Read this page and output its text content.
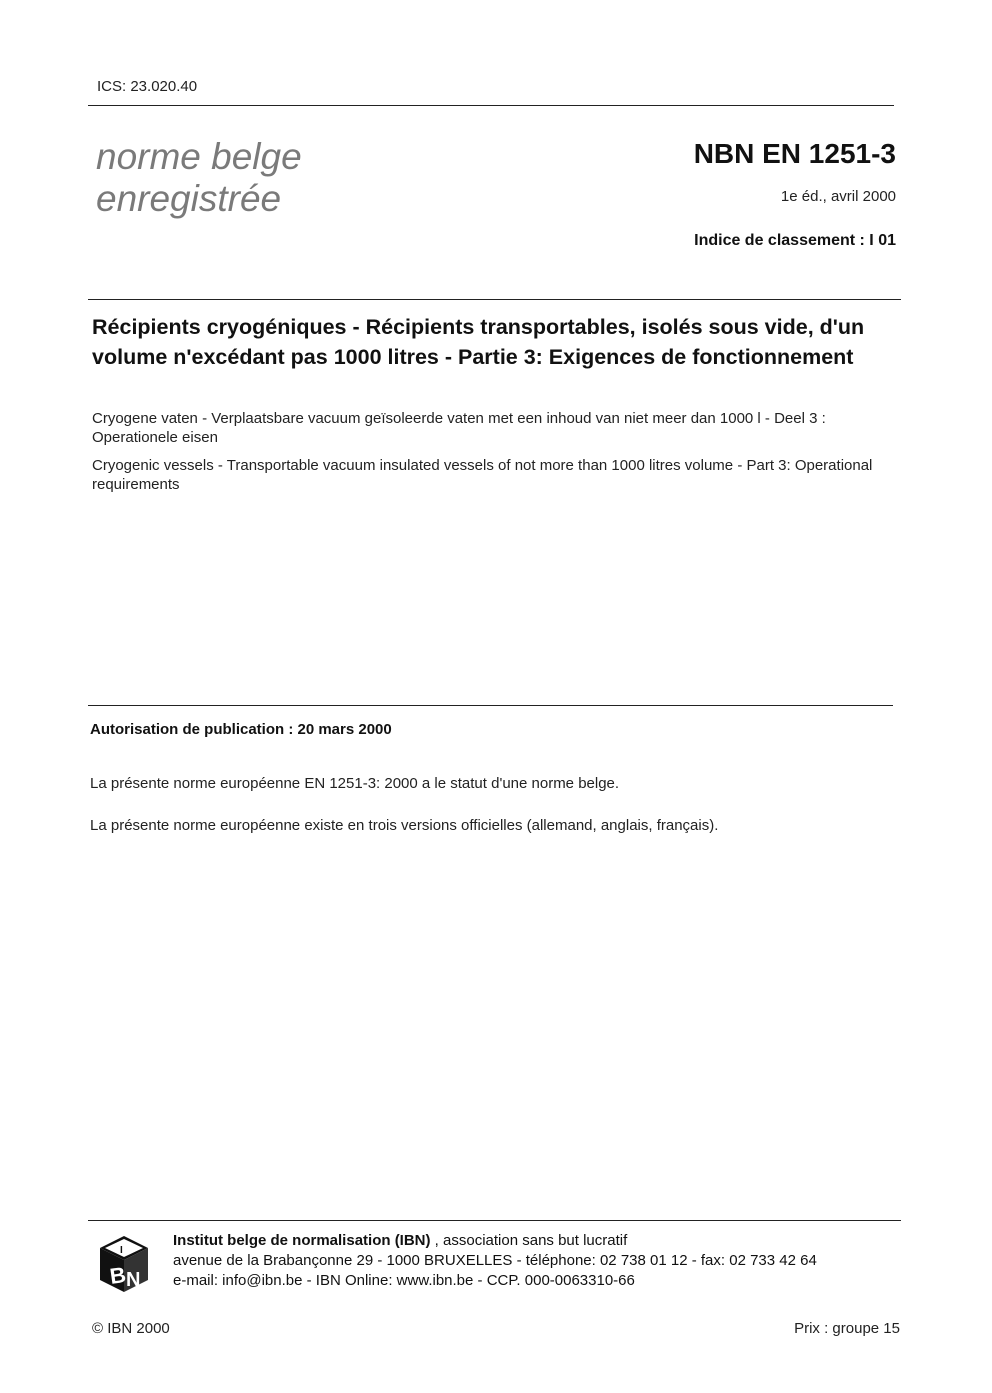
ICS: 23.020.40
norme belge
enregistrée
NBN EN 1251-3
1e éd., avril 2000
Indice de classement : I 01
Récipients cryogéniques - Récipients transportables, isolés sous vide, d'un volume n'excédant pas 1000 litres - Partie 3: Exigences de fonctionnement
Cryogene vaten - Verplaatsbare vacuum geïsoleerde vaten met een inhoud van niet meer dan 1000 l - Deel 3 : Operationele eisen
Cryogenic vessels - Transportable vacuum insulated vessels of not more than 1000 litres volume - Part 3: Operational requirements
Autorisation de publication : 20 mars 2000
La présente norme européenne EN 1251-3: 2000 a le statut d'une norme belge.
La présente norme européenne existe en trois versions officielles (allemand, anglais, français).
B
N
I
Institut belge de normalisation (IBN) , association sans but lucratif
avenue de la Brabançonne 29 - 1000 BRUXELLES - téléphone: 02 738 01 12 - fax: 02 733 42 64
e-mail: info@ibn.be - IBN Online: www.ibn.be - CCP. 000-0063310-66
© IBN 2000	Prix : groupe 15
